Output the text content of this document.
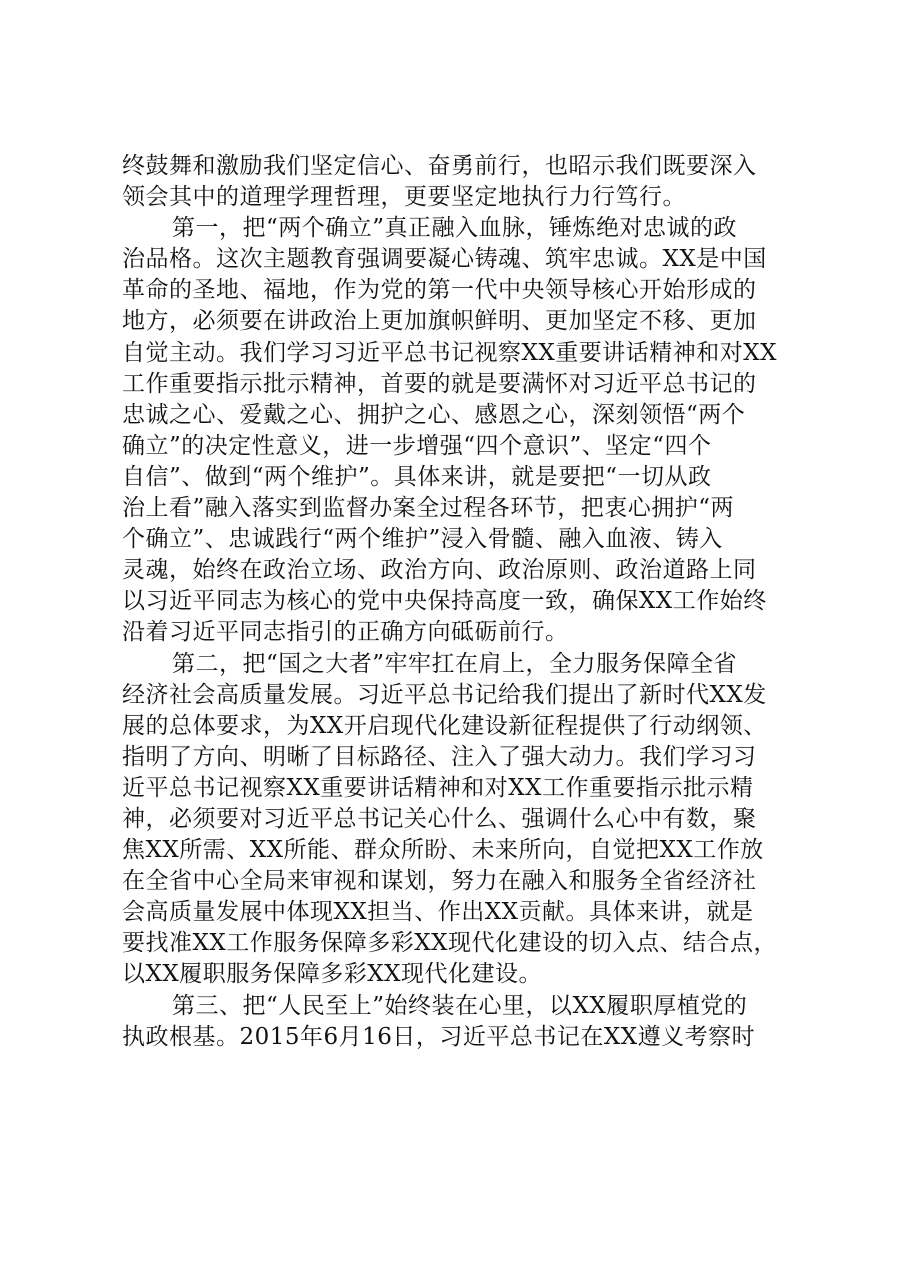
终鼓舞和激励我们坚定信心、奋勇前行，也昭示我们既要深入
领会其中的道理学理哲理，更要坚定地执行力行笃行。
第一，把“两个确立”真正融入血脉，锤炼绝对忠诚的政
治品格。这次主题教育强调要凝心铸魂、筑牢忠诚。XX是中国
革命的圣地、福地，作为党的第一代中央领导核心开始形成的
地方，必须要在讲政治上更加旗帜鲜明、更加坚定不移、更加
自觉主动。我们学习习近平总书记视察XX重要讲话精神和对XX
工作重要指示批示精神，首要的就是要满怀对习近平总书记的
忠诚之心、爱戴之心、拥护之心、感恩之心，深刻领悟“两个
确立”的决定性意义，进一步增强“四个意识”、坚定“四个
自信”、做到“两个维护”。具体来讲，就是要把“一切从政
治上看”融入落实到监督办案全过程各环节，把衷心拥护“两
个确立”、忠诚践行“两个维护”浸入骨髓、融入血液、铸入
灵魂，始终在政治立场、政治方向、政治原则、政治道路上同
以习近平同志为核心的党中央保持高度一致，确保XX工作始终
沿着习近平同志指引的正确方向砥砺前行。
第二，把“国之大者”牢牢扛在肩上，全力服务保障全省
经济社会高质量发展。习近平总书记给我们提出了新时代XX发
展的总体要求，为XX开启现代化建设新征程提供了行动纲领、
指明了方向、明晰了目标路径、注入了强大动力。我们学习习
近平总书记视察XX重要讲话精神和对XX工作重要指示批示精
神，必须要对习近平总书记关心什么、强调什么心中有数，聚
焦XX所需、XX所能、群众所盼、未来所向，自觉把XX工作放
在全省中心全局来审视和谋划，努力在融入和服务全省经济社
会高质量发展中体现XX担当、作出XX贡献。具体来讲，就是
要找准XX工作服务保障多彩XX现代化建设的切入点、结合点，
以XX履职服务保障多彩XX现代化建设。
第三、把“人民至上”始终装在心里，以XX履职厚植党的
执政根基。2015年6月16日，习近平总书记在XX遵义考察时
